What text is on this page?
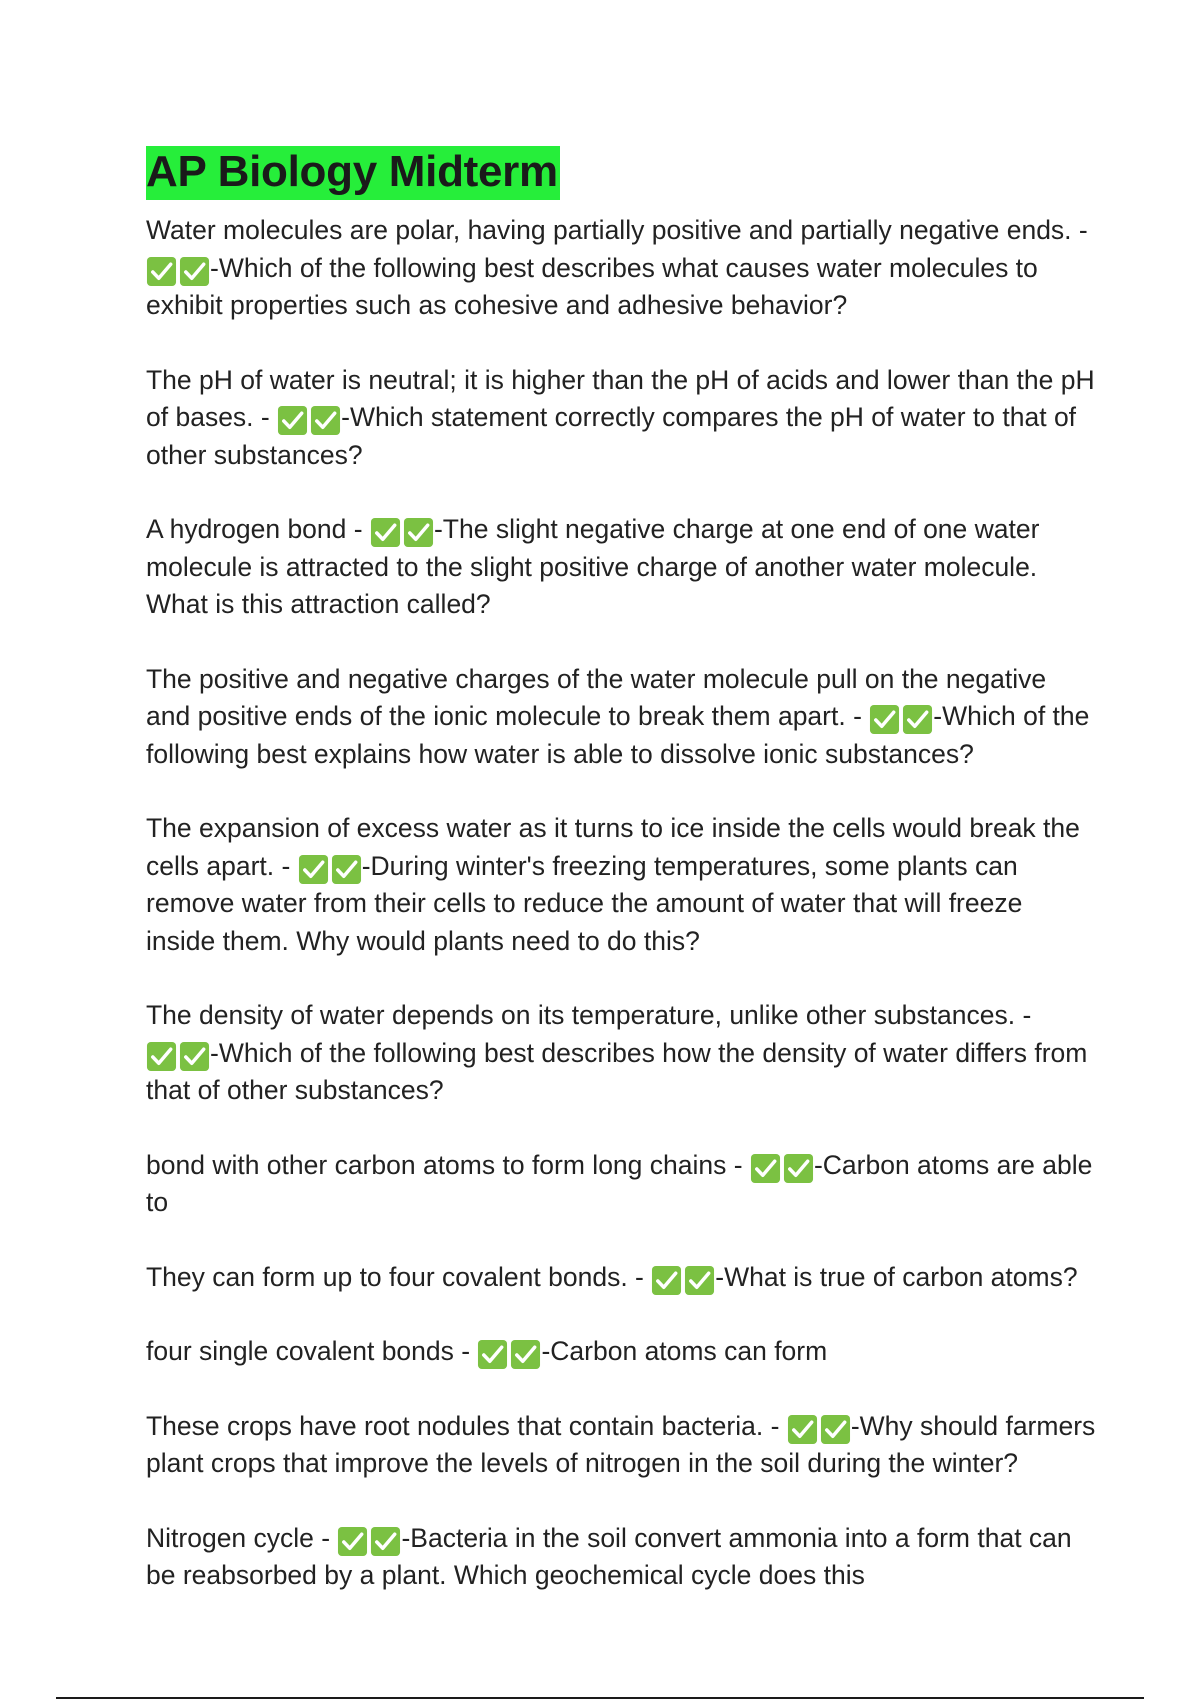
AP Biology Midterm
Water molecules are polar, having partially positive and partially negative ends. -
-Which of the following best describes what causes water molecules to exhibit properties such as cohesive and adhesive behavior?
The pH of water is neutral; it is higher than the pH of acids and lower than the pH of bases. -
-Which statement correctly compares the pH of water to that of other substances?
A hydrogen bond -
-The slight negative charge at one end of one water molecule is attracted to the slight positive charge of another water molecule. What is this attraction called?
The positive and negative charges of the water molecule pull on the negative and positive ends of the ionic molecule to break them apart. -
-Which of the following best explains how water is able to dissolve ionic substances?
The expansion of excess water as it turns to ice inside the cells would break the cells apart. -
-During winter's freezing temperatures, some plants can remove water from their cells to reduce the amount of water that will freeze inside them. Why would plants need to do this?
The density of water depends on its temperature, unlike other substances. -
-Which of the following best describes how the density of water differs from that of other substances?
bond with other carbon atoms to form long chains -
-Carbon atoms are able to
They can form up to four covalent bonds. -
-What is true of carbon atoms?
four single covalent bonds -
-Carbon atoms can form
These crops have root nodules that contain bacteria. -
-Why should farmers plant crops that improve the levels of nitrogen in the soil during the winter?
Nitrogen cycle -
-Bacteria in the soil convert ammonia into a form that can be reabsorbed by a plant. Which geochemical cycle does this
